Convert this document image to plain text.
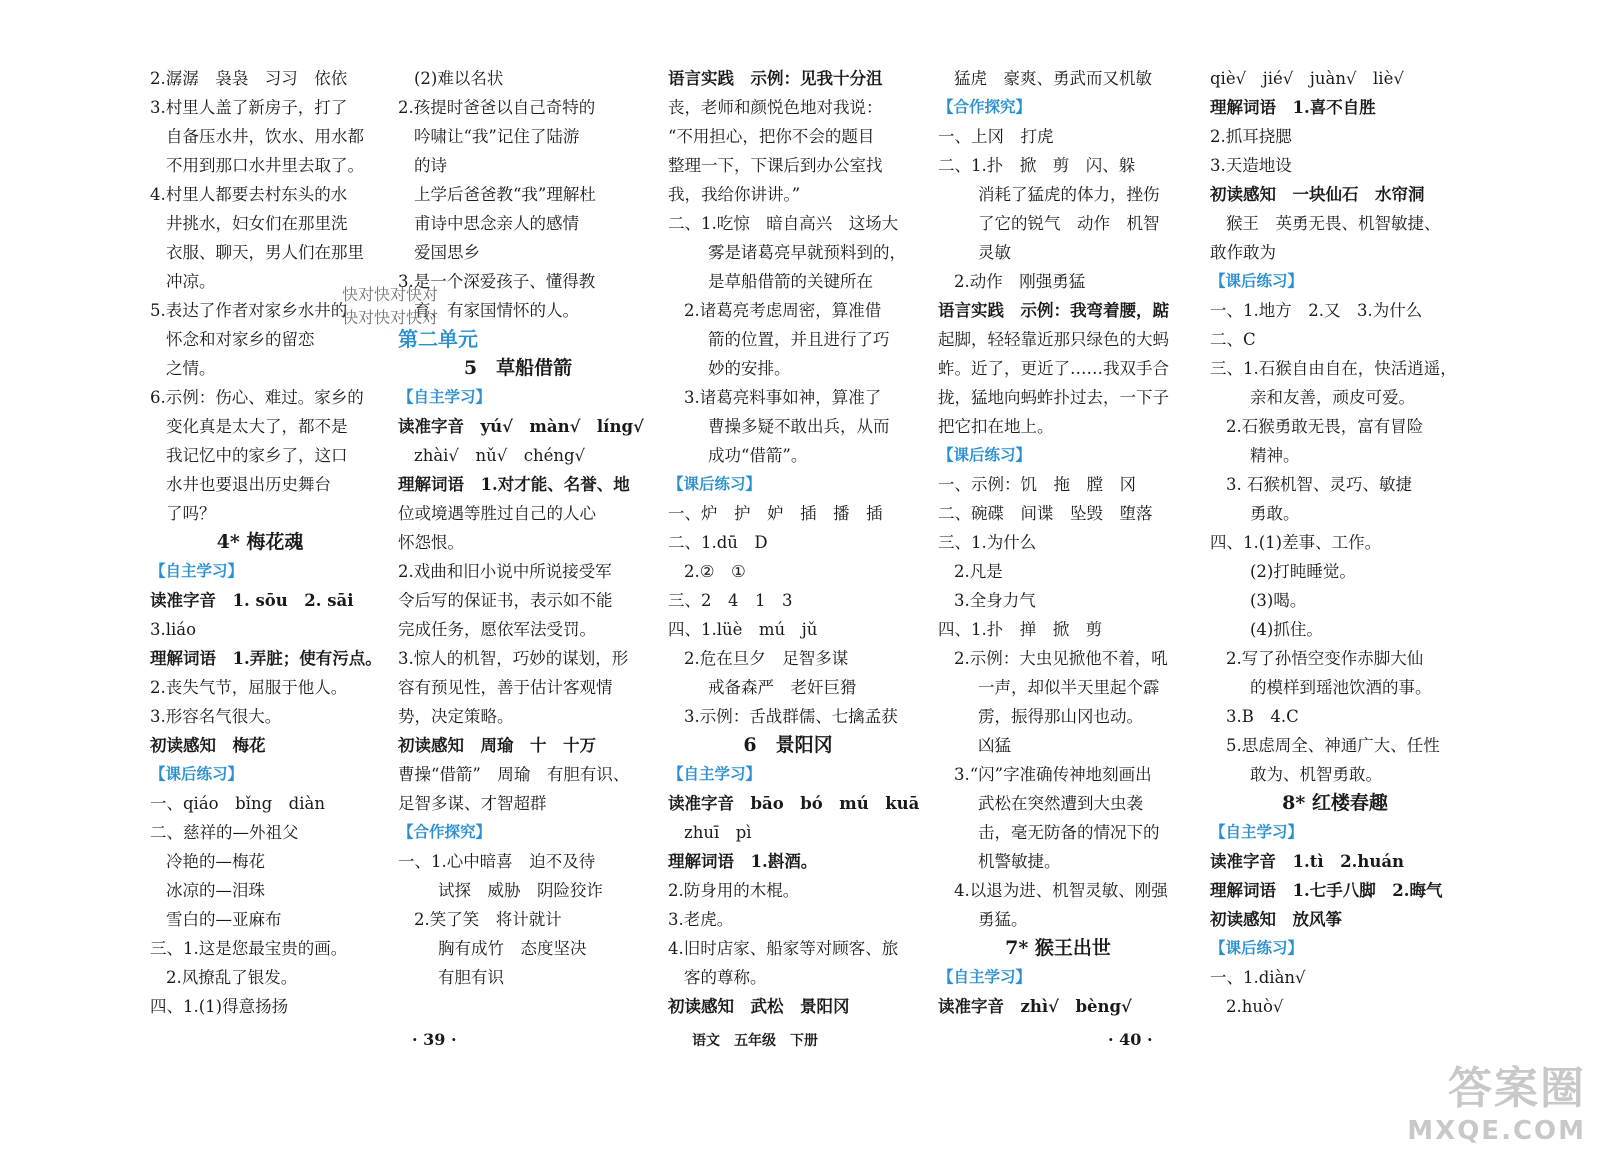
2.潺潺　袅袅　习习　依依
3.村里人盖了新房子，打了
自备压水井，饮水、用水都
不用到那口水井里去取了。
4.村里人都要去村东头的水
井挑水，妇女们在那里洗
衣服、聊天，男人们在那里
冲凉。
5.表达了作者对家乡水井的
怀念和对家乡的留恋
之情。
6.示例：伤心、难过。家乡的
变化真是太大了，都不是
我记忆中的家乡了，这口
水井也要退出历史舞台
了吗？
4* 梅花魂
【自主学习】
读准字音　1. sōu　2. sāi
3.liáo
理解词语　1.弄脏；使有污点。
2.丧失气节，屈服于他人。
3.形容名气很大。
初读感知　梅花
【课后练习】
一、qiáo　bǐng　diàn
二、慈祥的—外祖父
冷艳的—梅花
冰凉的—泪珠
雪白的—亚麻布
三、1.这是您最宝贵的画。
2.风撩乱了银发。
四、1.(1)得意扬扬
(2)难以名状
2.孩提时爸爸以自己奇特的
吟啸让“我”记住了陆游
的诗
上学后爸爸教“我”理解杜
甫诗中思念亲人的感情
爱国思乡
3.是一个深爱孩子、懂得教
育、有家国情怀的人。
第二单元
5　草船借箭
【自主学习】
读准字音　yú√　màn√　líng√
zhài√　nǔ√　chéng√
理解词语　1.对才能、名誉、地
位或境遇等胜过自己的人心
怀怨恨。
2.戏曲和旧小说中所说接受军
令后写的保证书，表示如不能
完成任务，愿依军法受罚。
3.惊人的机智，巧妙的谋划，形
容有预见性，善于估计客观情
势，决定策略。
初读感知　周瑜　十　十万
曹操“借箭”　周瑜　有胆有识、
足智多谋、才智超群
【合作探究】
一、1.心中暗喜　迫不及待
试探　威胁　阴险狡诈
2.笑了笑　将计就计
胸有成竹　态度坚决
有胆有识
语言实践　示例：见我十分沮
丧，老师和颜悦色地对我说：
“不用担心，把你不会的题目
整理一下，下课后到办公室找
我，我给你讲讲。”
二、1.吃惊　暗自高兴　这场大
雾是诸葛亮早就预料到的，
是草船借箭的关键所在
2.诸葛亮考虑周密，算准借
箭的位置，并且进行了巧
妙的安排。
3.诸葛亮料事如神，算准了
曹操多疑不敢出兵，从而
成功“借箭”。
【课后练习】
一、炉　护　妒　插　播　插
二、1.dū　D
2.②　①
三、2　4　1　3
四、1.lüè　mú　jǔ
2.危在旦夕　足智多谋
戒备森严　老奸巨猾
3.示例：舌战群儒、七擒孟获
6　景阳冈
【自主学习】
读准字音　bāo　bó　mú　kuā
zhuī　pì
理解词语　1.斟酒。
2.防身用的木棍。
3.老虎。
4.旧时店家、船家等对顾客、旅
客的尊称。
初读感知　武松　景阳冈
猛虎　豪爽、勇武而又机敏
【合作探究】
一、上冈　打虎
二、1.扑　掀　剪　闪、躲
消耗了猛虎的体力，挫伤
了它的锐气　动作　机智
灵敏
2.动作　刚强勇猛
语言实践　示例：我弯着腰，踮
起脚，轻轻靠近那只绿色的大蚂
蚱。近了，更近了……我双手合
拢，猛地向蚂蚱扑过去，一下子
把它扣在地上。
【课后练习】
一、示例：饥　拖　膛　冈
二、碗碟　间谍　坠毁　堕落
三、1.为什么
2.凡是
3.全身力气
四、1.扑　掸　掀　剪
2.示例：大虫见掀他不着，吼
一声，却似半天里起个霹
雳，振得那山冈也动。
凶猛
3.“闪”字准确传神地刻画出
武松在突然遭到大虫袭
击，毫无防备的情况下的
机警敏捷。
4.以退为进、机智灵敏、刚强
勇猛。
7* 猴王出世
【自主学习】
读准字音　zhì√　bèng√
qiè√　jié√　juàn√　liè√
理解词语　1.喜不自胜
2.抓耳挠腮
3.天造地设
初读感知　一块仙石　水帘洞
猴王　英勇无畏、机智敏捷、
敢作敢为
【课后练习】
一、1.地方　2.又　3.为什么
二、C
三、1.石猴自由自在，快活逍遥，
亲和友善，顽皮可爱。
2.石猴勇敢无畏，富有冒险
精神。
3. 石猴机智、灵巧、敏捷
勇敢。
四、1.(1)差事、工作。
(2)打盹睡觉。
(3)喝。
(4)抓住。
2.写了孙悟空变作赤脚大仙
的模样到瑶池饮酒的事。
3.B　4.C
5.思虑周全、神通广大、任性
敢为、机智勇敢。
8* 红楼春趣
【自主学习】
读准字音　1.tì　2.huán
理解词语　1.七手八脚　2.晦气
初读感知　放风筝
【课后练习】
一、1.diàn√
2.huò√
快对快对快对
快对快对快对
· 39 ·	语文　五年级　下册	· 40 ·
答案圈
MXQE.COM
